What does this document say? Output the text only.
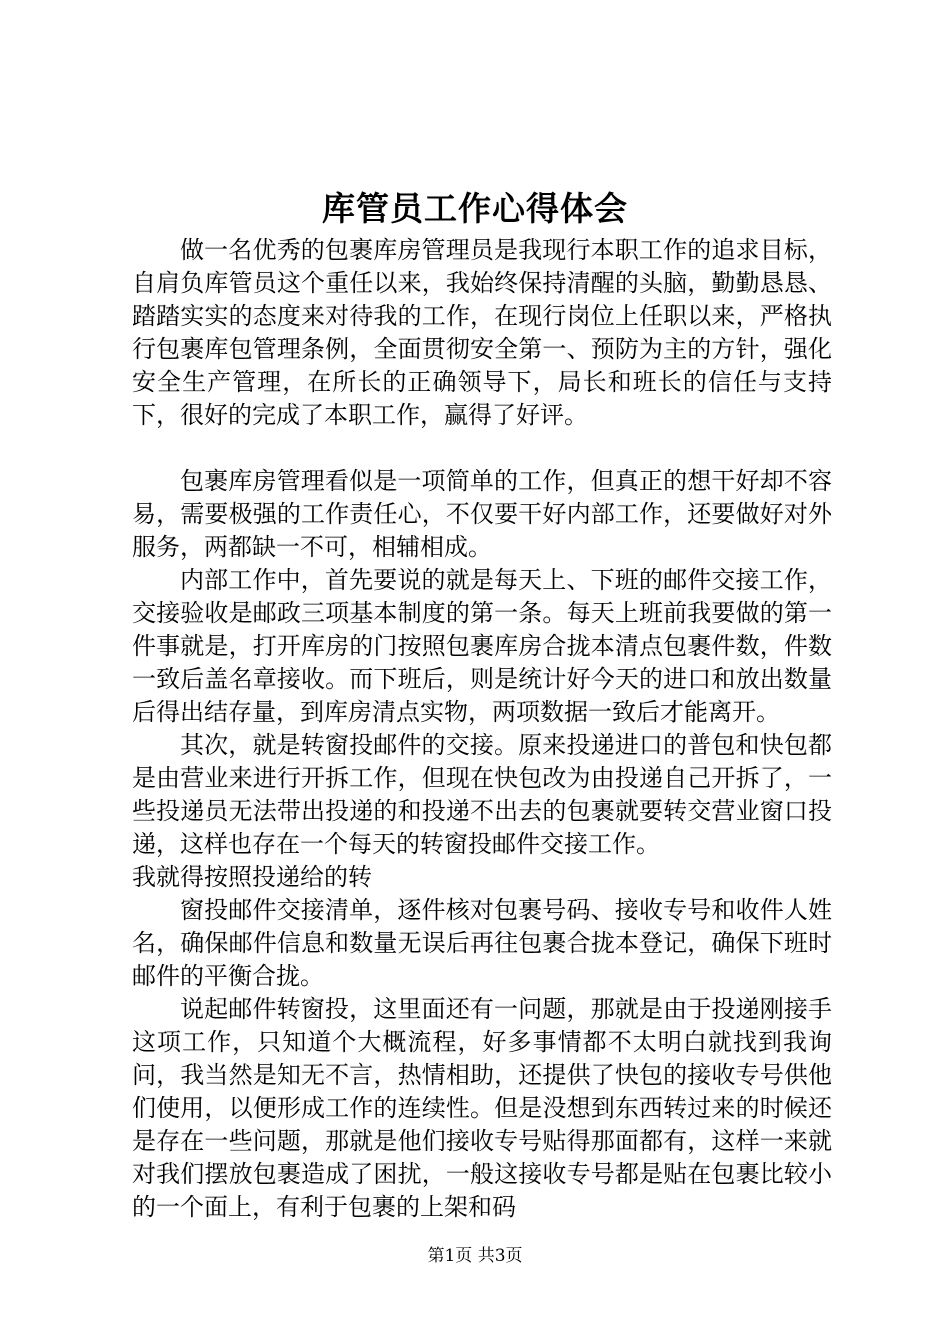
库管员工作心得体会

做一名优秀的包裹库房管理员是我现行本职工作的追求目标，自肩负库管员这个重任以来，我始终保持清醒的头脑，勤勤恳恳、踏踏实实的态度来对待我的工作，在现行岗位上任职以来，严格执行包裹库包管理条例，全面贯彻安全第一、预防为主的方针，强化安全生产管理，在所长的正确领导下，局长和班长的信任与支持下，很好的完成了本职工作，赢得了好评。

包裹库房管理看似是一项简单的工作，但真正的想干好却不容易，需要极强的工作责任心，不仅要干好内部工作，还要做好对外服务，两都缺一不可，相辅相成。

内部工作中，首先要说的就是每天上、下班的邮件交接工作，交接验收是邮政三项基本制度的第一条。每天上班前我要做的第一件事就是，打开库房的门按照包裹库房合拢本清点包裹件数，件数一致后盖名章接收。而下班后，则是统计好今天的进口和放出数量后得出结存量，到库房清点实物，两项数据一致后才能离开。

其次，就是转窗投邮件的交接。原来投递进口的普包和快包都是由营业来进行开拆工作，但现在快包改为由投递自己开拆了，一些投递员无法带出投递的和投递不出去的包裹就要转交营业窗口投递，这样也存在一个每天的转窗投邮件交接工作。

我就得按照投递给的转

窗投邮件交接清单，逐件核对包裹号码、接收专号和收件人姓名，确保邮件信息和数量无误后再往包裹合拢本登记，确保下班时邮件的平衡合拢。

说起邮件转窗投，这里面还有一问题，那就是由于投递刚接手这项工作，只知道个大概流程，好多事情都不太明白就找到我询问，我当然是知无不言，热情相助，还提供了快包的接收专号供他们使用，以便形成工作的连续性。但是没想到东西转过来的时候还是存在一些问题，那就是他们接收专号贴得那面都有，这样一来就对我们摆放包裹造成了困扰，一般这接收专号都是贴在包裹比较小的一个面上，有利于包裹的上架和码

第1页 共3页
